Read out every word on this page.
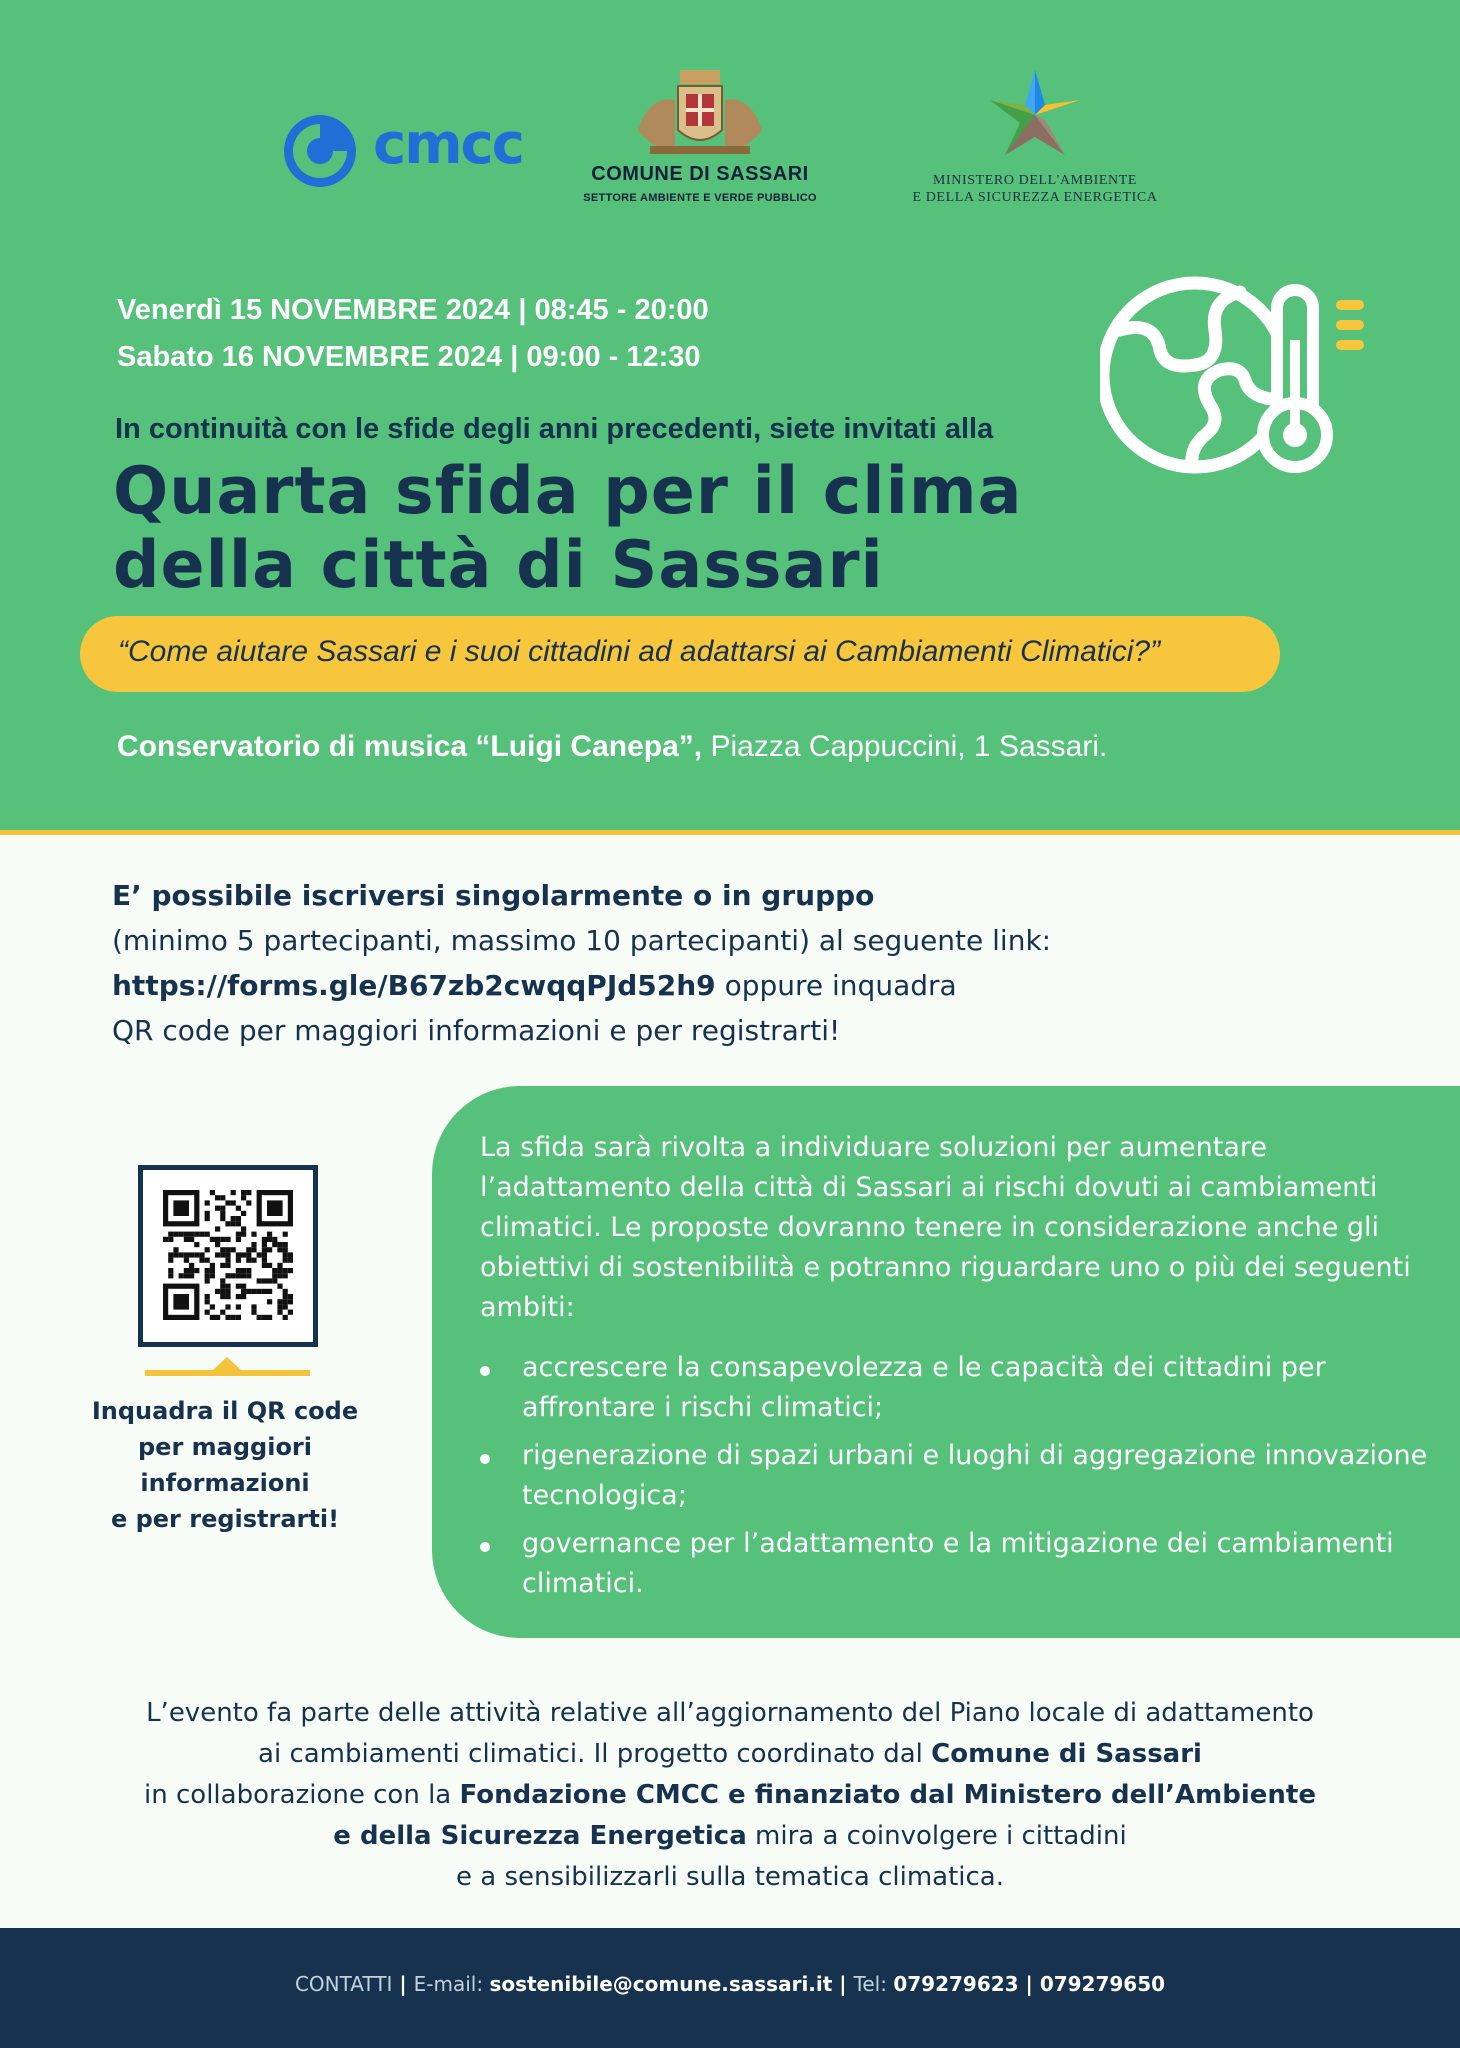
cmcc	COMUNE DI SASSARI
SETTORE AMBIENTE E VERDE PUBBLICO
MINISTERO DELL'AMBIENTE
E DELLA SICUREZZA ENERGETICA
Venerdì 15 NOVEMBRE 2024 | 08:45 - 20:00
Sabato 16 NOVEMBRE 2024 | 09:00 - 12:30
In continuità con le sfide degli anni precedenti, siete invitati alla
Quarta sfida per il clima
della città di Sassari
“Come aiutare Sassari e i suoi cittadini ad adattarsi ai Cambiamenti Climatici?”
Conservatorio di musica “Luigi Canepa”, Piazza Cappuccini, 1 Sassari.
E’ possibile iscriversi singolarmente o in gruppo
(minimo 5 partecipanti, massimo 10 partecipanti) al seguente link:
https://forms.gle/B67zb2cwqqPJd52h9 oppure inquadra
QR code per maggiori informazioni e per registrarti!
Inquadra il QR code
per maggiori
informazioni
e per registrarti!
La sfida sarà rivolta a individuare soluzioni per aumentare l’adattamento della città di Sassari ai rischi dovuti ai cambiamenti climatici. Le proposte dovranno tenere in considerazione anche gli obiettivi di sostenibilità e potranno riguardare uno o più dei seguenti ambiti:
accrescere la consapevolezza e le capacità dei cittadini per affrontare i rischi climatici;
rigenerazione di spazi urbani e luoghi di aggregazione innovazione tecnologica;
governance per l’adattamento e la mitigazione dei cambiamenti climatici.
L’evento fa parte delle attività relative all’aggiornamento del Piano locale di adattamento
ai cambiamenti climatici. Il progetto coordinato dal Comune di Sassari
in collaborazione con la Fondazione CMCC e finanziato dal Ministero dell’Ambiente
e della Sicurezza Energetica mira a coinvolgere i cittadini
e a sensibilizzarli sulla tematica climatica.
CONTATTI | E-mail: sostenibile@comune.sassari.it | Tel: 079279623 | 079279650
